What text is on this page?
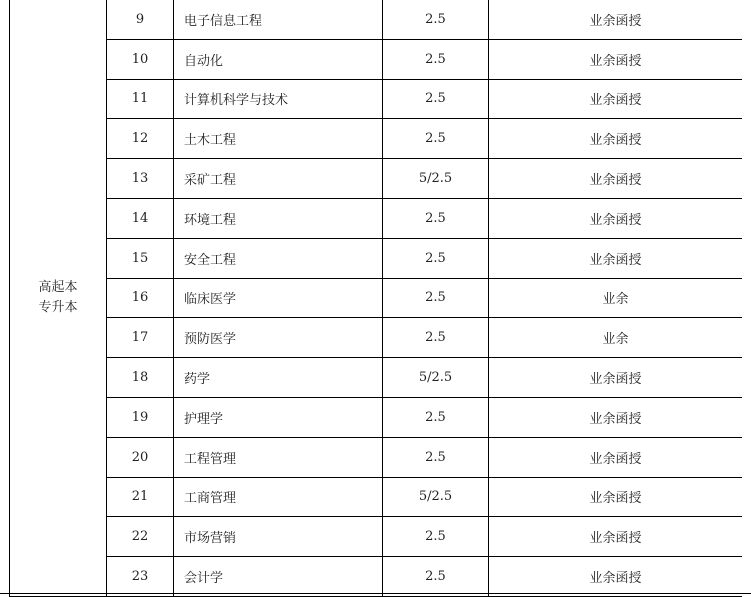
高起本
专升本	9	电子信息工程	2.5	业余函授
	10	自动化	2.5	业余函授
	11	计算机科学与技术	2.5	业余函授
	12	土木工程	2.5	业余函授
	13	采矿工程	5/2.5	业余函授
	14	环境工程	2.5	业余函授
	15	安全工程	2.5	业余函授
	16	临床医学	2.5	业余
	17	预防医学	2.5	业余
	18	药学	5/2.5	业余函授
	19	护理学	2.5	业余函授
	20	工程管理	2.5	业余函授
	21	工商管理	5/2.5	业余函授
	22	市场营销	2.5	业余函授
	23	会计学	2.5	业余函授
